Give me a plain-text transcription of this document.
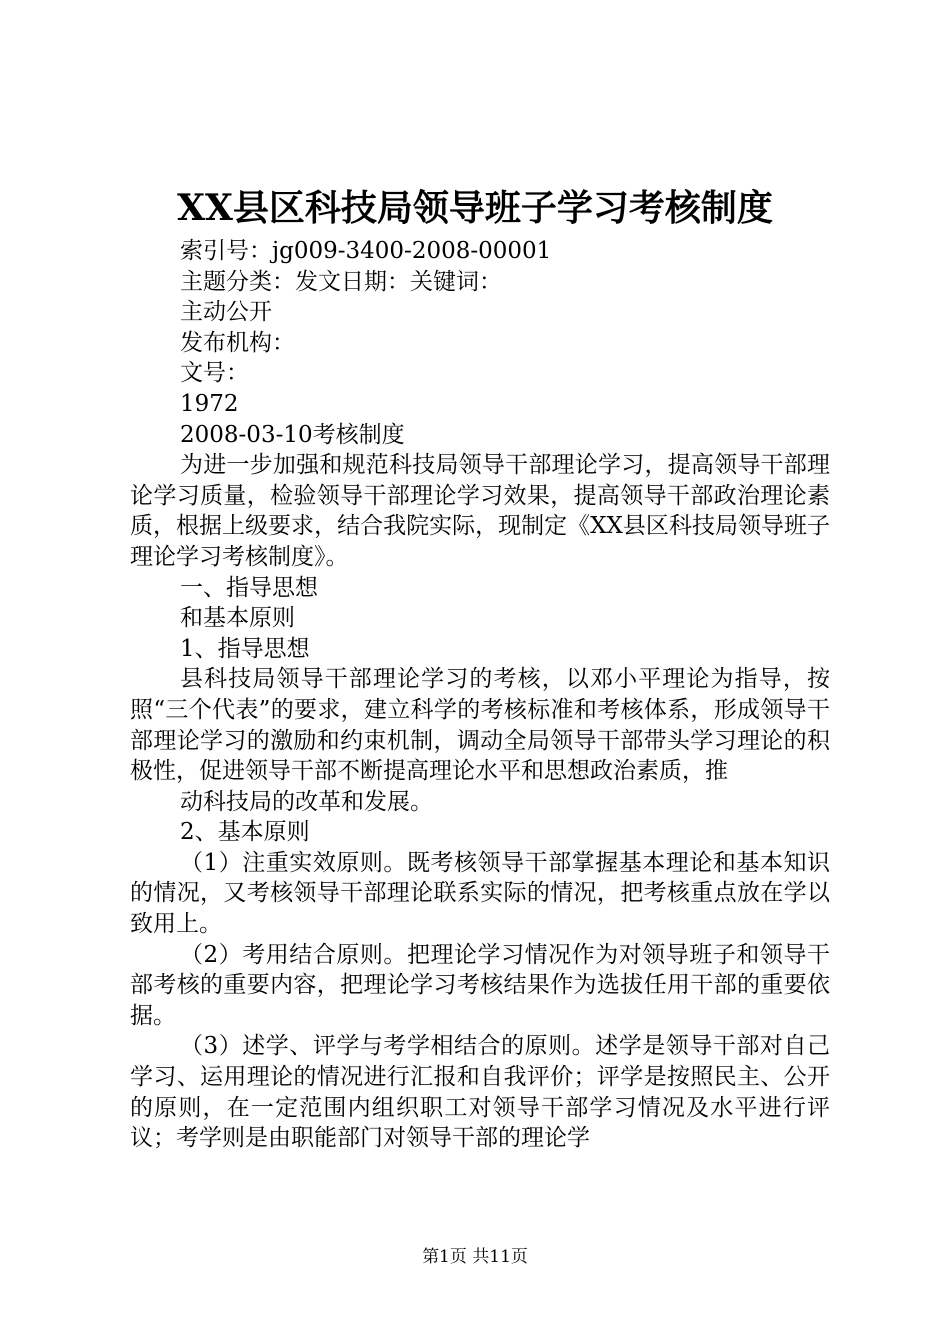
XX县区科技局领导班子学习考核制度

索引号：jg009-3400-2008-00001

主题分类：发文日期：关键词：

主动公开

发布机构：

文号：

1972

2008-03-10考核制度

为进一步加强和规范科技局领导干部理论学习，提高领导干部理论学习质量，检验领导干部理论学习效果，提高领导干部政治理论素质，根据上级要求，结合我院实际，现制定《XX县区科技局领导班子理论学习考核制度》。

一、指导思想

和基本原则

1、指导思想

县科技局领导干部理论学习的考核，以邓小平理论为指导，按照“三个代表”的要求，建立科学的考核标准和考核体系，形成领导干部理论学习的激励和约束机制，调动全局领导干部带头学习理论的积极性，促进领导干部不断提高理论水平和思想政治素质，推

动科技局的改革和发展。

2、基本原则

（1）注重实效原则。既考核领导干部掌握基本理论和基本知识的情况，又考核领导干部理论联系实际的情况，把考核重点放在学以致用上。

（2）考用结合原则。把理论学习情况作为对领导班子和领导干部考核的重要内容，把理论学习考核结果作为选拔任用干部的重要依据。

（3）述学、评学与考学相结合的原则。述学是领导干部对自己学习、运用理论的情况进行汇报和自我评价；评学是按照民主、公开的原则，在一定范围内组织职工对领导干部学习情况及水平进行评议；考学则是由职能部门对领导干部的理论学

第1页 共11页
